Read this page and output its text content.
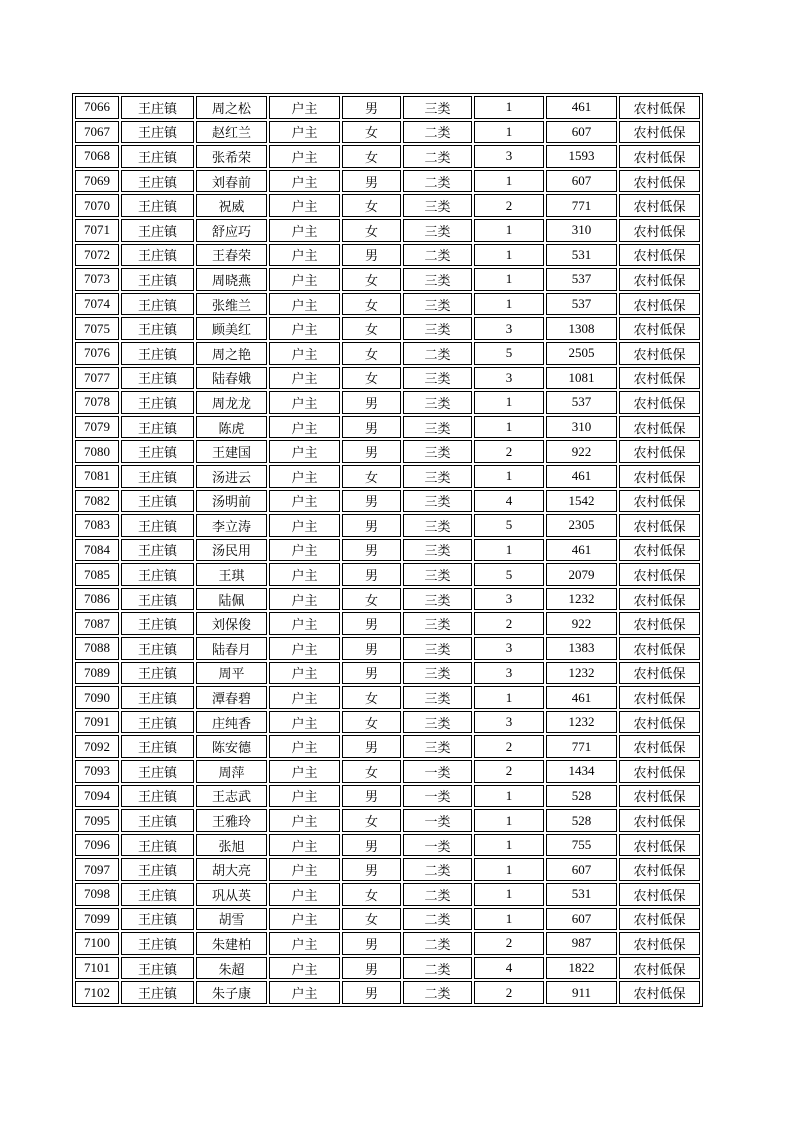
7066	王庄镇	周之松	户主	男	三类	1	461	农村低保
7067	王庄镇	赵红兰	户主	女	二类	1	607	农村低保
7068	王庄镇	张希荣	户主	女	二类	3	1593	农村低保
7069	王庄镇	刘春前	户主	男	二类	1	607	农村低保
7070	王庄镇	祝威	户主	女	三类	2	771	农村低保
7071	王庄镇	舒应巧	户主	女	三类	1	310	农村低保
7072	王庄镇	王春荣	户主	男	二类	1	531	农村低保
7073	王庄镇	周晓燕	户主	女	三类	1	537	农村低保
7074	王庄镇	张维兰	户主	女	三类	1	537	农村低保
7075	王庄镇	顾美红	户主	女	三类	3	1308	农村低保
7076	王庄镇	周之艳	户主	女	二类	5	2505	农村低保
7077	王庄镇	陆春娥	户主	女	三类	3	1081	农村低保
7078	王庄镇	周龙龙	户主	男	三类	1	537	农村低保
7079	王庄镇	陈虎	户主	男	三类	1	310	农村低保
7080	王庄镇	王建国	户主	男	三类	2	922	农村低保
7081	王庄镇	汤进云	户主	女	三类	1	461	农村低保
7082	王庄镇	汤明前	户主	男	三类	4	1542	农村低保
7083	王庄镇	李立涛	户主	男	三类	5	2305	农村低保
7084	王庄镇	汤民用	户主	男	三类	1	461	农村低保
7085	王庄镇	王琪	户主	男	三类	5	2079	农村低保
7086	王庄镇	陆佩	户主	女	三类	3	1232	农村低保
7087	王庄镇	刘保俊	户主	男	三类	2	922	农村低保
7088	王庄镇	陆春月	户主	男	三类	3	1383	农村低保
7089	王庄镇	周平	户主	男	三类	3	1232	农村低保
7090	王庄镇	潭春碧	户主	女	三类	1	461	农村低保
7091	王庄镇	庄纯香	户主	女	三类	3	1232	农村低保
7092	王庄镇	陈安德	户主	男	三类	2	771	农村低保
7093	王庄镇	周萍	户主	女	一类	2	1434	农村低保
7094	王庄镇	王志武	户主	男	一类	1	528	农村低保
7095	王庄镇	王雅玲	户主	女	一类	1	528	农村低保
7096	王庄镇	张旭	户主	男	一类	1	755	农村低保
7097	王庄镇	胡大亮	户主	男	二类	1	607	农村低保
7098	王庄镇	巩从英	户主	女	二类	1	531	农村低保
7099	王庄镇	胡雪	户主	女	二类	1	607	农村低保
7100	王庄镇	朱建柏	户主	男	二类	2	987	农村低保
7101	王庄镇	朱超	户主	男	二类	4	1822	农村低保
7102	王庄镇	朱子康	户主	男	二类	2	911	农村低保
